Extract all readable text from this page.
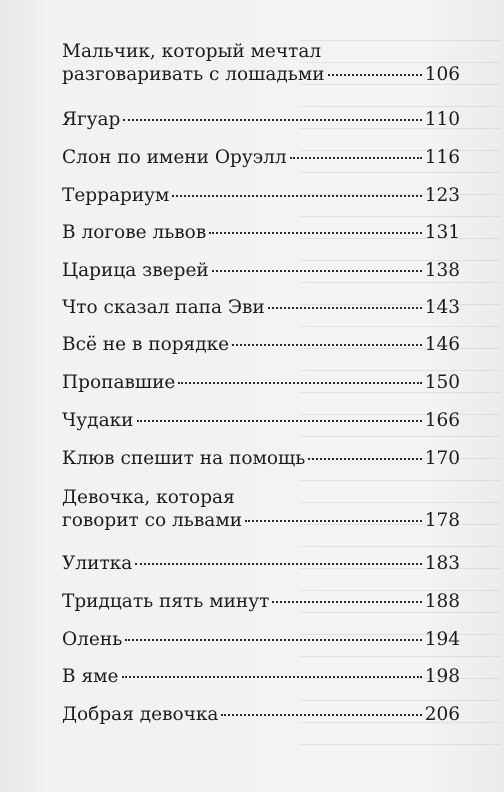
Мальчик, который мечтал
разговаривать с лошадьми	106
Ягуар	110
Слон по имени Оруэлл	116
Террариум	123
В логове львов	131
Царица зверей	138
Что сказал папа Эви	143
Всё не в порядке	146
Пропавшие	150
Чудаки	166
Клюв спешит на помощь	170
Девочка, которая
говорит со львами	178
Улитка	183
Тридцать пять минут	188
Олень	194
В яме	198
Добрая девочка	206
